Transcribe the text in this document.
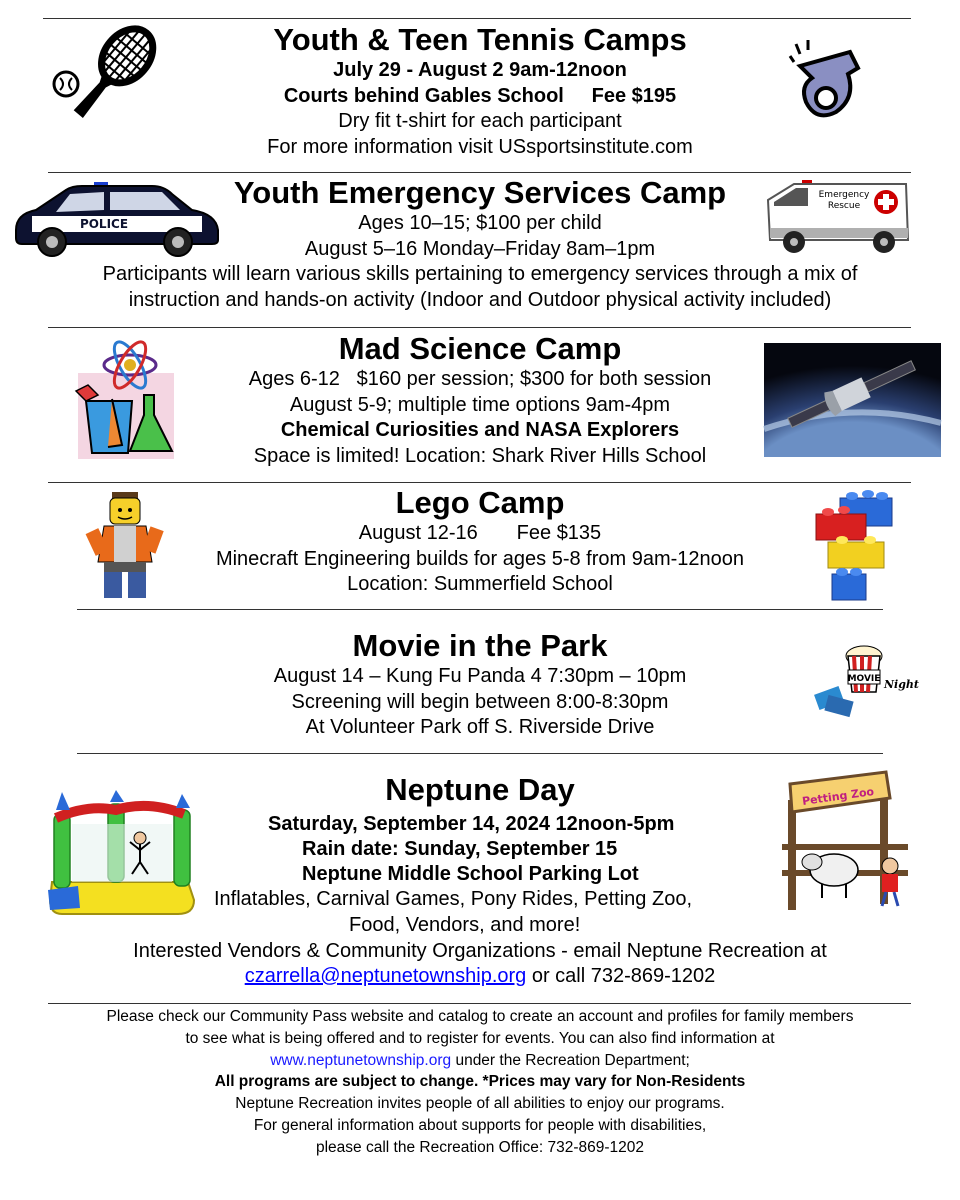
Youth & Teen Tennis Camps
July 29 - August 2 9am-12noon
Courts behind Gables School     Fee $195
Dry fit t-shirt for each participant
For more information visit USsportsinstitute.com
Youth Emergency Services Camp
Ages 10–15; $100 per child
August 5–16 Monday–Friday 8am–1pm
Participants will learn various skills pertaining to emergency services through a mix of
instruction and hands-on activity (Indoor and Outdoor physical activity included)
POLICE
Emergency
Rescue
Mad Science Camp
Ages 6-12   $160 per session; $300 for both session
August 5-9; multiple time options 9am-4pm
Chemical Curiosities and NASA Explorers
Space is limited! Location: Shark River Hills School
Lego Camp
August 12-16       Fee $135
Minecraft Engineering builds for ages 5-8 from 9am-12noon
Location: Summerfield School
Movie in the Park
August 14 – Kung Fu Panda 4 7:30pm – 10pm
Screening will begin between 8:00-8:30pm
At Volunteer Park off S. Riverside Drive
MOVIE Night
Neptune Day
Saturday, September 14, 2024 12noon-5pm
Rain date: Sunday, September 15
Neptune Middle School Parking Lot
Inflatables, Carnival Games, Pony Rides, Petting Zoo,
Food, Vendors, and more!
Interested Vendors & Community Organizations - email Neptune Recreation at
czarrella@neptunetownship.org or call 732-869-1202
Petting Zoo
Please check our Community Pass website and catalog to create an account and profiles for family members
to see what is being offered and to register for events. You can also find information at
www.neptunetownship.org under the Recreation Department;
All programs are subject to change. *Prices may vary for Non-Residents
Neptune Recreation invites people of all abilities to enjoy our programs.
For general information about supports for people with disabilities,
please call the Recreation Office: 732-869-1202
